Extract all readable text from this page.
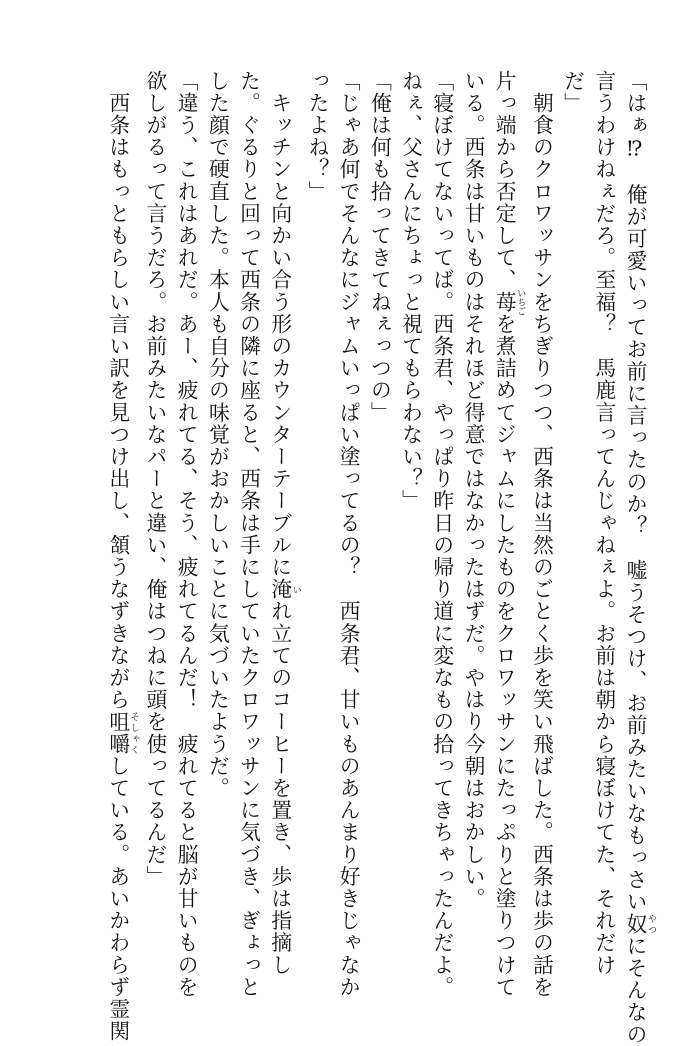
「はぁ⁉　俺が可愛いってお前に言ったのか？　嘘うそつけ、お前みたいなもっさい奴 やつにそんなの
言うわけねぇだろ。至福？　馬鹿言ってんじゃねぇよ。お前は朝から寝ぼけてた、それだけ
だ」
　朝食のクロワッサンをちぎりつつ、西条は当然のごとく歩を笑い飛ばした。西条は歩の話を
片っ端から否定して、苺 いちごを煮詰めてジャムにしたものをクロワッサンにたっぷりと塗りつけて
いる。西条は甘いものはそれほど得意ではなかったはずだ。やはり今朝はおかしい。
「寝ぼけてないってば。西条君、やっぱり昨日の帰り道に変なもの拾ってきちゃったんだよ。
ねぇ、父さんにちょっと視てもらわない？」
「俺は何も拾ってきてねぇっつの」
「じゃあ何でそんなにジャムいっぱい塗ってるの？　西条君、甘いものあんまり好きじゃなか
ったよね？」
　キッチンと向かい合う形のカウンターテーブルに淹 いれ立てのコーヒーを置き、歩は指摘し
た。ぐるりと回って西条の隣に座ると、西条は手にしていたクロワッサンに気づき、ぎょっと
した顔で硬直した。本人も自分の味覚がおかしいことに気づいたようだ。
「違う、これはあれだ。あー、疲れてる、そう、疲れてるんだ！　疲れてると脳が甘いものを
欲しがるって言うだろ。お前みたいなパーと違い、俺はつねに頭を使ってるんだ」
　西条はもっともらしい言い訳を見つけ出し、頷うなずきながら咀嚼 そしゃくしている。あいかわらず霊関
